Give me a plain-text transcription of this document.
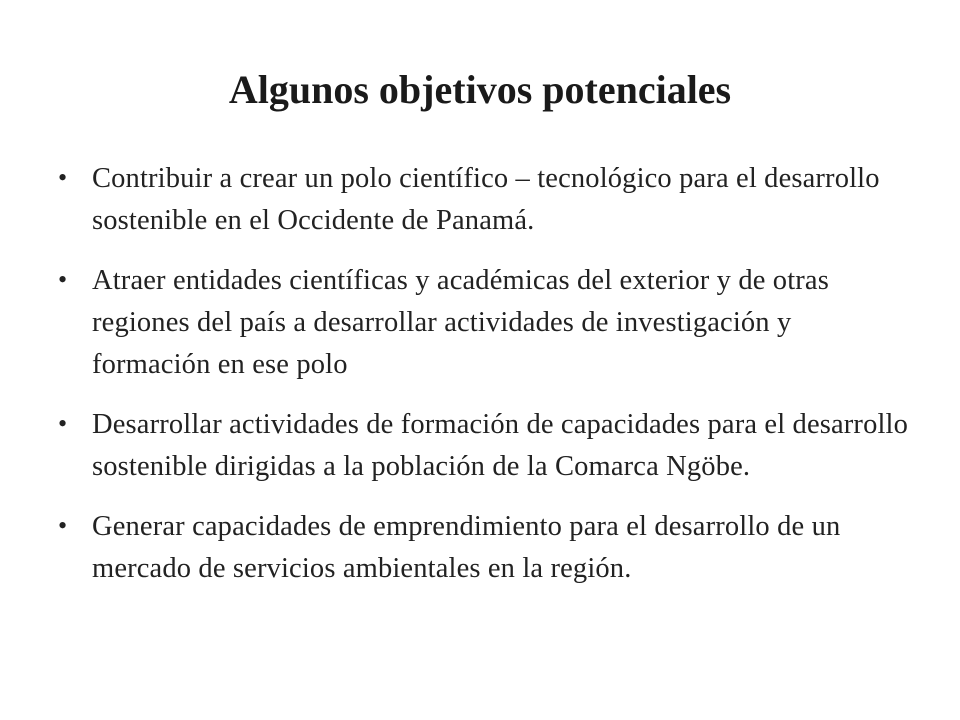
Algunos objetivos potenciales
• Contribuir a crear un polo científico – tecnológico para el desarrollo sostenible en el Occidente de Panamá.
• Atraer entidades científicas y académicas del exterior y de otras regiones del país a desarrollar actividades de investigación y formación en ese polo
• Desarrollar actividades de formación de capacidades para el desarrollo sostenible dirigidas a la población de la Comarca Ngöbe.
• Generar capacidades de emprendimiento para el desarrollo de un mercado de servicios ambientales en la región.
